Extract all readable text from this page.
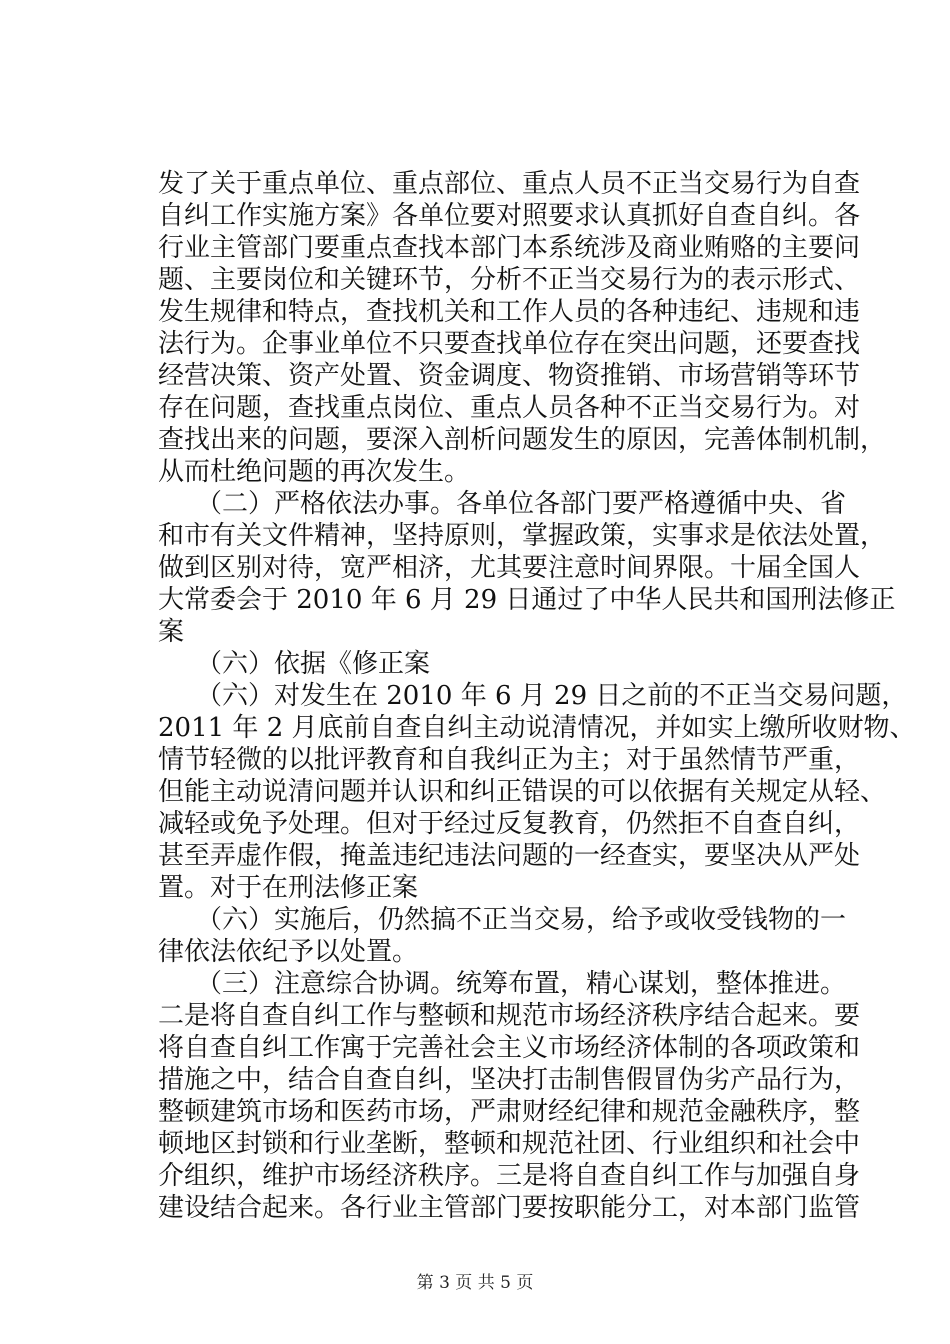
发了关于重点单位、重点部位、重点人员不正当交易行为自查
自纠工作实施方案》各单位要对照要求认真抓好自查自纠。各
行业主管部门要重点查找本部门本系统涉及商业贿赂的主要问
题、主要岗位和关键环节，分析不正当交易行为的表示形式、
发生规律和特点，查找机关和工作人员的各种违纪、违规和违
法行为。企事业单位不只要查找单位存在突出问题，还要查找
经营决策、资产处置、资金调度、物资推销、市场营销等环节
存在问题，查找重点岗位、重点人员各种不正当交易行为。对
查找出来的问题，要深入剖析问题发生的原因，完善体制机制，
从而杜绝问题的再次发生。
（二）严格依法办事。各单位各部门要严格遵循中央、省
和市有关文件精神，坚持原则，掌握政策，实事求是依法处置，
做到区别对待，宽严相济，尤其要注意时间界限。十届全国人
大常委会于 2010 年 6 月 29 日通过了中华人民共和国刑法修正
案
（六）依据《修正案
（六）对发生在 2010 年 6 月 29 日之前的不正当交易问题，
2011 年 2 月底前自查自纠主动说清情况，并如实上缴所收财物、
情节轻微的以批评教育和自我纠正为主；对于虽然情节严重，
但能主动说清问题并认识和纠正错误的可以依据有关规定从轻、
减轻或免予处理。但对于经过反复教育，仍然拒不自查自纠，
甚至弄虚作假，掩盖违纪违法问题的一经查实，要坚决从严处
置。对于在刑法修正案
（六）实施后，仍然搞不正当交易，给予或收受钱物的一
律依法依纪予以处置。
（三）注意综合协调。统筹布置，精心谋划，整体推进。
二是将自查自纠工作与整顿和规范市场经济秩序结合起来。要
将自查自纠工作寓于完善社会主义市场经济体制的各项政策和
措施之中，结合自查自纠，坚决打击制售假冒伪劣产品行为，
整顿建筑市场和医药市场，严肃财经纪律和规范金融秩序，整
顿地区封锁和行业垄断，整顿和规范社团、行业组织和社会中
介组织，维护市场经济秩序。三是将自查自纠工作与加强自身
建设结合起来。各行业主管部门要按职能分工，对本部门监管
第 3 页 共 5 页
